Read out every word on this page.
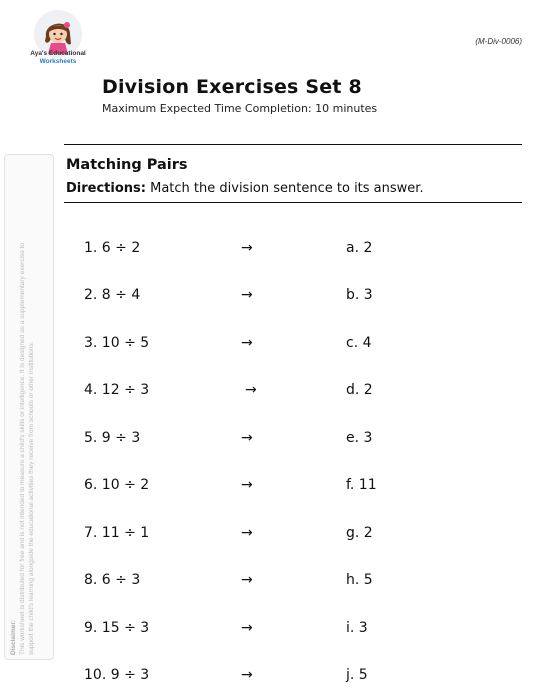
Aya's Educational
Worksheets
(M-Div-0006)
Division Exercises Set 8
Maximum Expected Time Completion: 10 minutes
Disclaimer: This worksheet is distributed for free and is not intended to measure a child's skills or intelligence. It is designed as a supplementary exercise to support the child's learning alongside the educational activities they receive from schools or other institutions.
Matching Pairs
Directions: Match the division sentence to its answer.
1. 6 ÷ 2	→	a. 2
2. 8 ÷ 4	→	b. 3
3. 10 ÷ 5	→	c. 4
4. 12 ÷ 3	→	d. 2
5. 9 ÷ 3	→	e. 3
6. 10 ÷ 2	→	f. 11
7. 11 ÷ 1	→	g. 2
8. 6 ÷ 3	→	h. 5
9. 15 ÷ 3	→	i. 3
10. 9 ÷ 3	→	j. 5
